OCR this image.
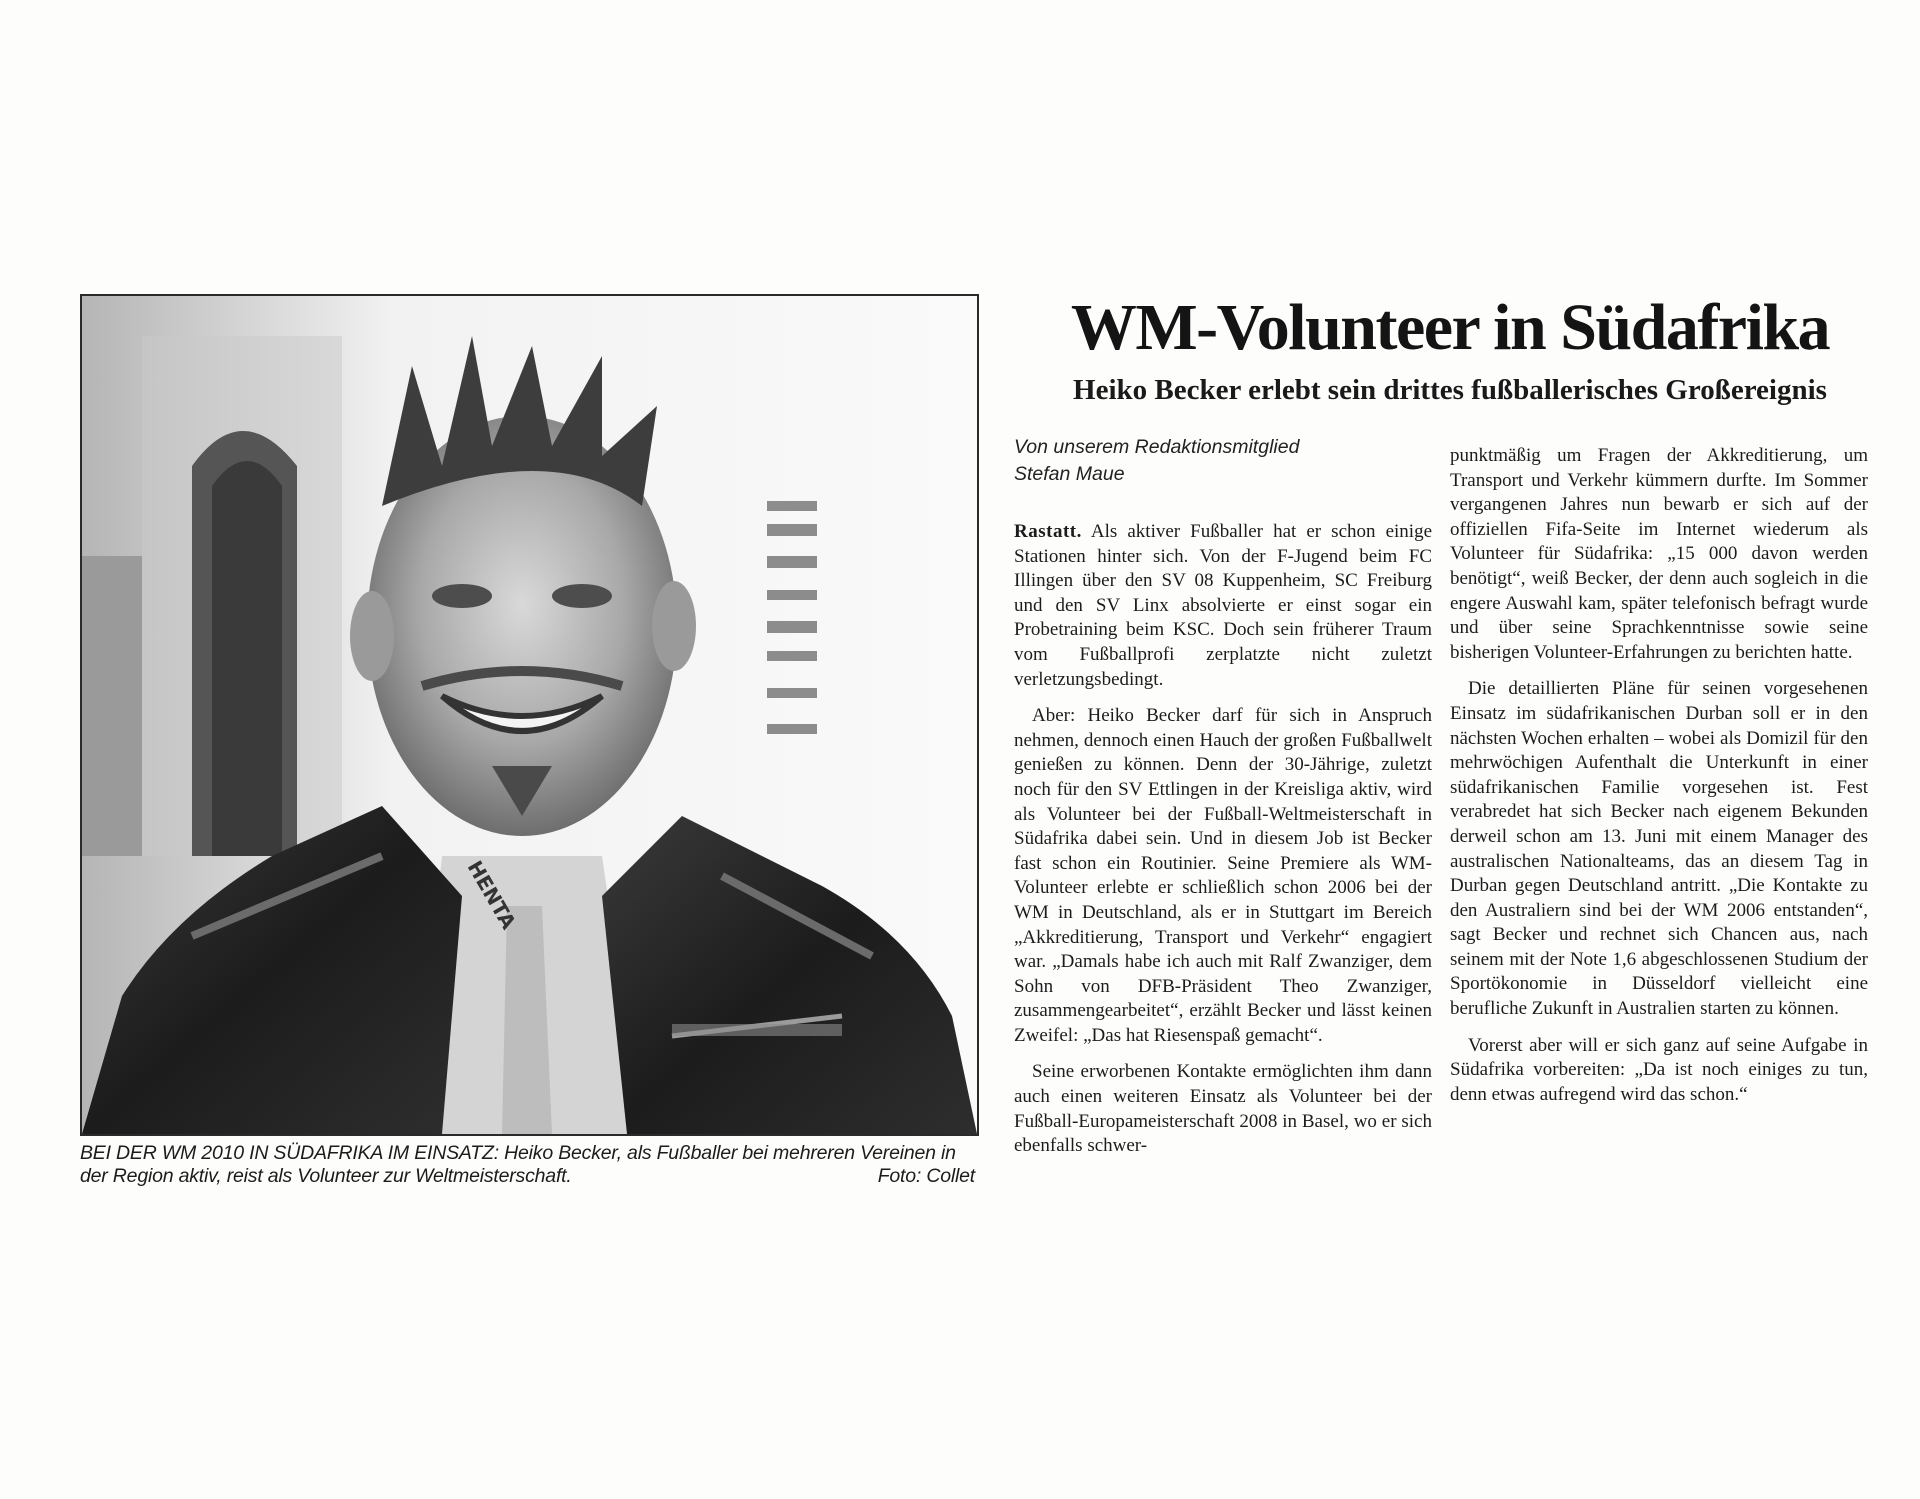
HENTA
BEI DER WM 2010 IN SÜDAFRIKA IM EINSATZ: Heiko Becker, als Fußballer bei mehreren Vereinen in der Region aktiv, reist als Volunteer zur Weltmeisterschaft.	Foto: Collet
WM-Volunteer in Südafrika
Heiko Becker erlebt sein drittes fußballerisches Großereignis
Von unserem Redaktionsmitglied
Stefan Maue

Rastatt. Als aktiver Fußballer hat er schon einige Stationen hinter sich. Von der F-Jugend beim FC Illingen über den SV 08 Kuppenheim, SC Freiburg und den SV Linx absolvierte er einst sogar ein Probetraining beim KSC. Doch sein früherer Traum vom Fußballprofi zerplatzte nicht zuletzt verletzungsbedingt.

Aber: Heiko Becker darf für sich in Anspruch nehmen, dennoch einen Hauch der großen Fußballwelt genießen zu können. Denn der 30-Jährige, zuletzt noch für den SV Ettlingen in der Kreisliga aktiv, wird als Volunteer bei der Fußball-Weltmeisterschaft in Südafrika dabei sein. Und in diesem Job ist Becker fast schon ein Routinier. Seine Premiere als WM-Volunteer erlebte er schließlich schon 2006 bei der WM in Deutschland, als er in Stuttgart im Bereich „Akkreditierung, Transport und Verkehr“ engagiert war. „Damals habe ich auch mit Ralf Zwanziger, dem Sohn von DFB-Präsident Theo Zwanziger, zusammengearbeitet“, erzählt Becker und lässt keinen Zweifel: „Das hat Riesenspaß gemacht“.

Seine erworbenen Kontakte ermöglichten ihm dann auch einen weiteren Einsatz als Volunteer bei der Fußball-Europameisterschaft 2008 in Basel, wo er sich ebenfalls schwer-

punktmäßig um Fragen der Akkreditierung, um Transport und Verkehr kümmern durfte. Im Sommer vergangenen Jahres nun bewarb er sich auf der offiziellen Fifa-Seite im Internet wiederum als Volunteer für Südafrika: „15 000 davon werden benötigt“, weiß Becker, der denn auch sogleich in die engere Auswahl kam, später telefonisch befragt wurde und über seine Sprachkenntnisse sowie seine bisherigen Volunteer-Erfahrungen zu berichten hatte.

Die detaillierten Pläne für seinen vorgesehenen Einsatz im südafrikanischen Durban soll er in den nächsten Wochen erhalten – wobei als Domizil für den mehrwöchigen Aufenthalt die Unterkunft in einer südafrikanischen Familie vorgesehen ist. Fest verabredet hat sich Becker nach eigenem Bekunden derweil schon am 13. Juni mit einem Manager des australischen Nationalteams, das an diesem Tag in Durban gegen Deutschland antritt. „Die Kontakte zu den Australiern sind bei der WM 2006 entstanden“, sagt Becker und rechnet sich Chancen aus, nach seinem mit der Note 1,6 abgeschlossenen Studium der Sportökonomie in Düsseldorf vielleicht eine berufliche Zukunft in Australien starten zu können.

Vorerst aber will er sich ganz auf seine Aufgabe in Südafrika vorbereiten: „Da ist noch einiges zu tun, denn etwas aufregend wird das schon.“
